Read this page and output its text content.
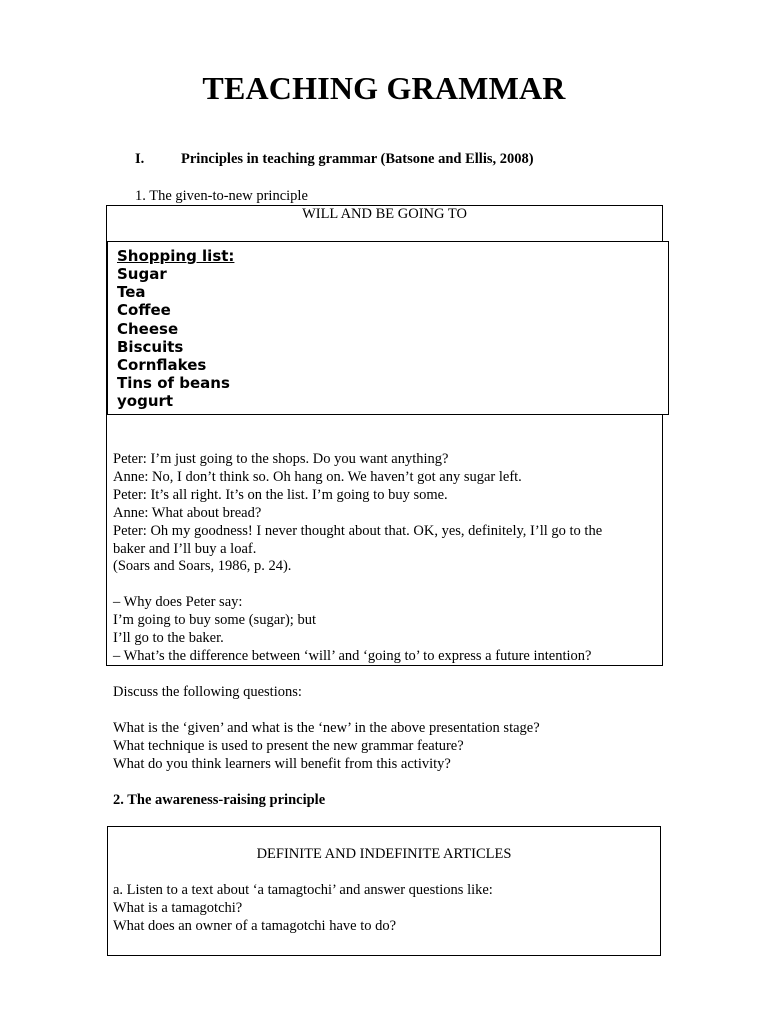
TEACHING GRAMMAR
I.	Principles in teaching grammar (Batsone and Ellis, 2008)
1. The given-to-new principle
WILL AND BE GOING TO
Shopping list:
Sugar
Tea
Coffee
Cheese
Biscuits
Cornflakes
Tins of beans
yogurt
Peter: I’m just going to the shops. Do you want anything?
Anne: No, I don’t think so. Oh hang on. We haven’t got any sugar left.
Peter: It’s all right. It’s on the list. I’m going to buy some.
Anne: What about bread?
Peter: Oh my goodness! I never thought about that. OK, yes, definitely, I’ll go to the
baker and I’ll buy a loaf.
(Soars and Soars, 1986, p. 24).
– Why does Peter say:
I’m going to buy some (sugar); but
I’ll go to the baker.
– What’s the difference between ‘will’ and ‘going to’ to express a future intention?
Discuss the following questions:
What is the ‘given’ and what is the ‘new’ in the above presentation stage?
What technique is used to present the new grammar feature?
What do you think learners will benefit from this activity?
2. The awareness-raising principle
DEFINITE AND INDEFINITE ARTICLES
a. Listen to a text about ‘a tamagtochi’ and answer questions like:
What is a tamagotchi?
What does an owner of a tamagotchi have to do?
